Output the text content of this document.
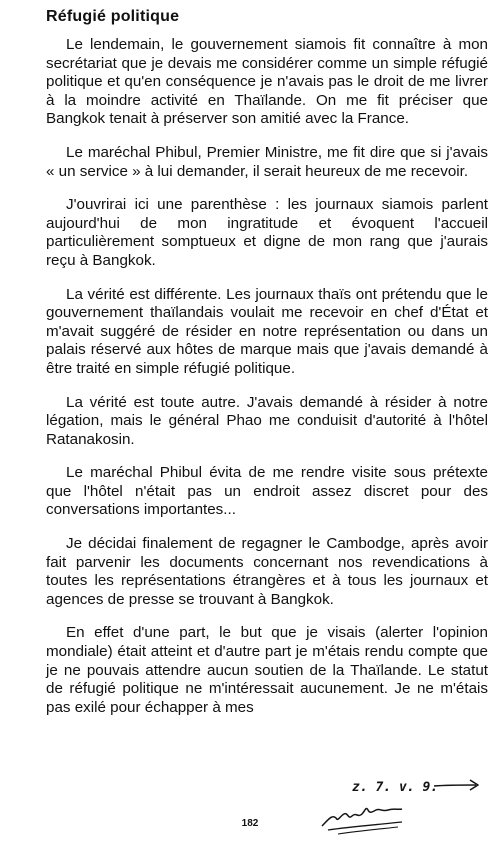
Réfugié politique

Le lendemain, le gouvernement siamois fit connaître à mon secrétariat que je devais me considérer comme un simple réfugié politique et qu'en conséquence je n'avais pas le droit de me livrer à la moindre activité en Thaïlande. On me fit préciser que Bangkok tenait à préserver son amitié avec la France.

Le maréchal Phibul, Premier Ministre, me fit dire que si j'avais « un service » à lui demander, il serait heureux de me recevoir.

J'ouvrirai ici une parenthèse : les journaux siamois parlent aujourd'hui de mon ingratitude et évoquent l'accueil particulièrement somptueux et digne de mon rang que j'aurais reçu à Bangkok.

La vérité est différente. Les journaux thaïs ont prétendu que le gouvernement thaïlandais voulait me recevoir en chef d'État et m'avait suggéré de résider en notre représentation ou dans un palais réservé aux hôtes de marque mais que j'avais demandé à être traité en simple réfugié politique.

La vérité est toute autre. J'avais demandé à résider à notre légation, mais le général Phao me conduisit d'autorité à l'hôtel Ratanakosin.

Le maréchal Phibul évita de me rendre visite sous prétexte que l'hôtel n'était pas un endroit assez discret pour des conversations importantes...

Je décidai finalement de regagner le Cambodge, après avoir fait parvenir les documents concernant nos revendications à toutes les représentations étrangères et à tous les journaux et agences de presse se trouvant à Bangkok.

En effet d'une part, le but que je visais (alerter l'opinion mondiale) était atteint et d'autre part je m'étais rendu compte que je ne pouvais attendre aucun soutien de la Thaïlande. Le statut de réfugié politique ne m'intéressait aucunement. Je ne m'étais pas exilé pour échapper à mes

z. 7. v. 9.

182
